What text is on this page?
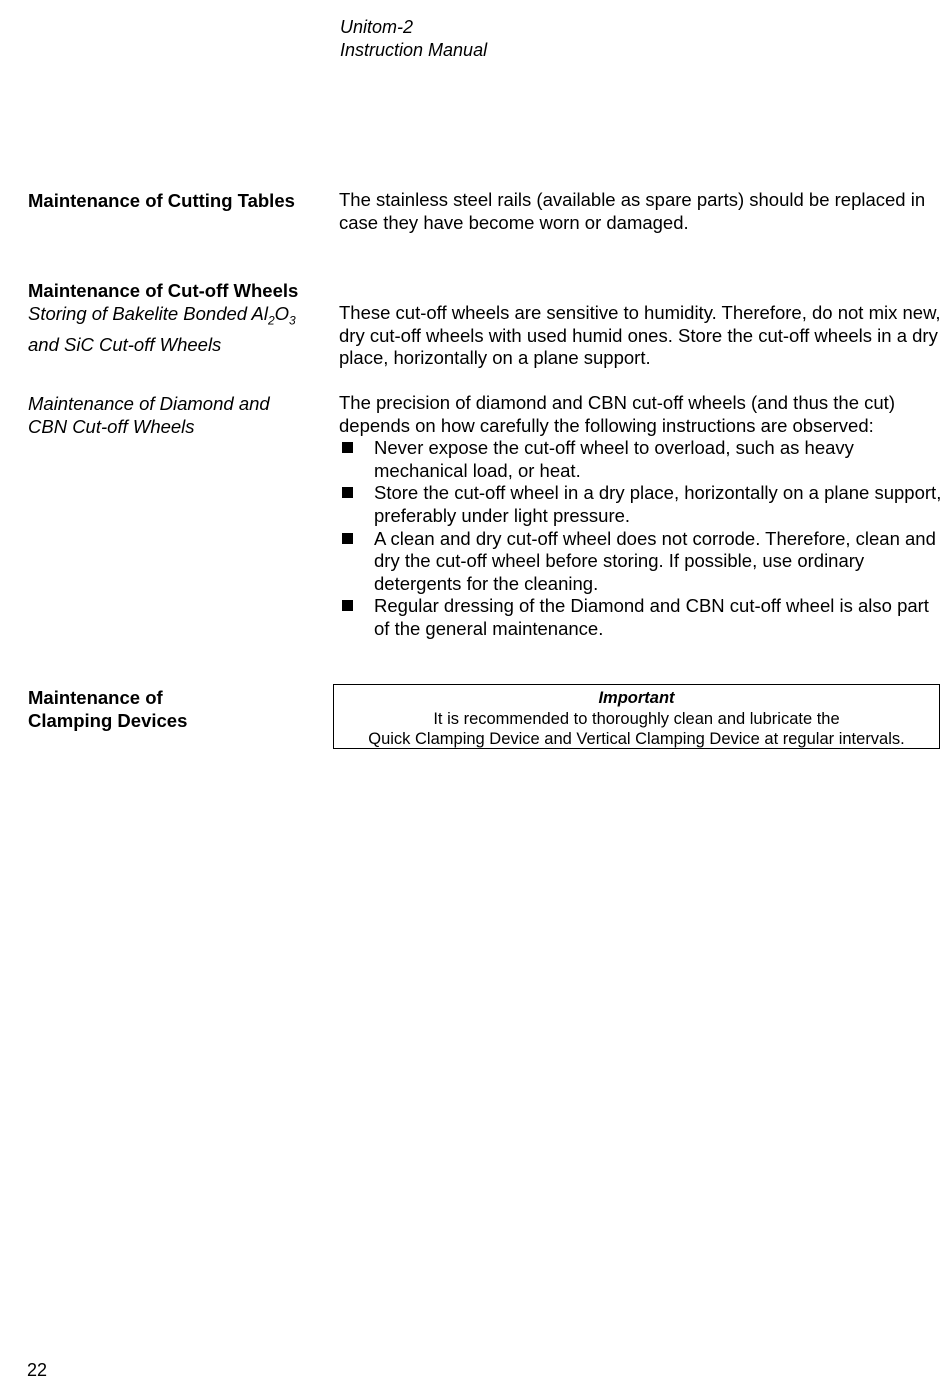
Unitom-2
Instruction Manual
Maintenance of Cutting Tables	The stainless steel rails (available as spare parts) should be replaced in case they have become worn or damaged.
Maintenance of Cut-off Wheels
Storing of Bakelite Bonded $Al_2O_3$
and SiC Cut-off Wheels
These cut-off wheels are sensitive to humidity. Therefore, do not mix new, dry cut-off wheels with used humid ones. Store the cut-off wheels in a dry place, horizontally on a plane support.
Maintenance of Diamond and
CBN Cut-off Wheels
The precision of diamond and CBN cut-off wheels (and thus the cut) depends on how carefully the following instructions are observed:
Never expose the cut-off wheel to overload, such as heavy mechanical load, or heat.
Store the cut-off wheel in a dry place, horizontally on a plane support, preferably under light pressure.
A clean and dry cut-off wheel does not corrode. Therefore, clean and dry the cut-off wheel before storing. If possible, use ordinary detergents for the cleaning.
Regular dressing of the Diamond and CBN cut-off wheel is also part of the general maintenance.
Maintenance of
Clamping Devices
Important
It is recommended to thoroughly clean and lubricate the
Quick Clamping Device and Vertical Clamping Device at regular intervals.
22
